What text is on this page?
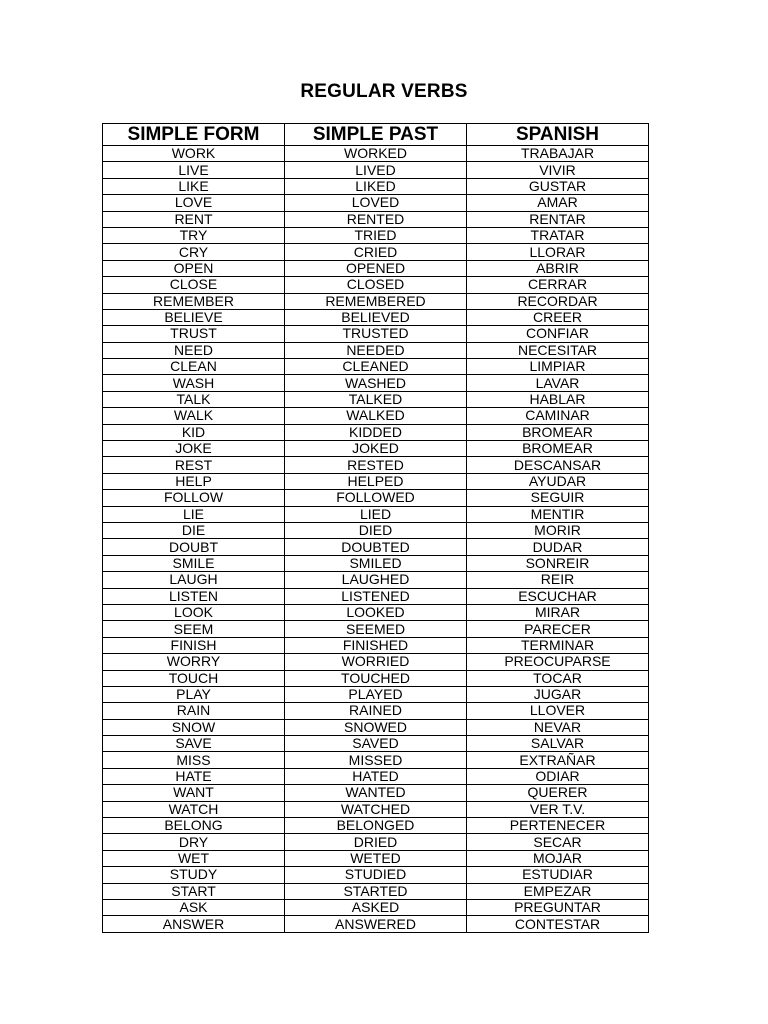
REGULAR VERBS
SIMPLE FORM	SIMPLE PAST	SPANISH
WORK	WORKED	TRABAJAR
LIVE	LIVED	VIVIR
LIKE	LIKED	GUSTAR
LOVE	LOVED	AMAR
RENT	RENTED	RENTAR
TRY	TRIED	TRATAR
CRY	CRIED	LLORAR
OPEN	OPENED	ABRIR
CLOSE	CLOSED	CERRAR
REMEMBER	REMEMBERED	RECORDAR
BELIEVE	BELIEVED	CREER
TRUST	TRUSTED	CONFIAR
NEED	NEEDED	NECESITAR
CLEAN	CLEANED	LIMPIAR
WASH	WASHED	LAVAR
TALK	TALKED	HABLAR
WALK	WALKED	CAMINAR
KID	KIDDED	BROMEAR
JOKE	JOKED	BROMEAR
REST	RESTED	DESCANSAR
HELP	HELPED	AYUDAR
FOLLOW	FOLLOWED	SEGUIR
LIE	LIED	MENTIR
DIE	DIED	MORIR
DOUBT	DOUBTED	DUDAR
SMILE	SMILED	SONREIR
LAUGH	LAUGHED	REIR
LISTEN	LISTENED	ESCUCHAR
LOOK	LOOKED	MIRAR
SEEM	SEEMED	PARECER
FINISH	FINISHED	TERMINAR
WORRY	WORRIED	PREOCUPARSE
TOUCH	TOUCHED	TOCAR
PLAY	PLAYED	JUGAR
RAIN	RAINED	LLOVER
SNOW	SNOWED	NEVAR
SAVE	SAVED	SALVAR
MISS	MISSED	EXTRAÑAR
HATE	HATED	ODIAR
WANT	WANTED	QUERER
WATCH	WATCHED	VER T.V.
BELONG	BELONGED	PERTENECER
DRY	DRIED	SECAR
WET	WETED	MOJAR
STUDY	STUDIED	ESTUDIAR
START	STARTED	EMPEZAR
ASK	ASKED	PREGUNTAR
ANSWER	ANSWERED	CONTESTAR
